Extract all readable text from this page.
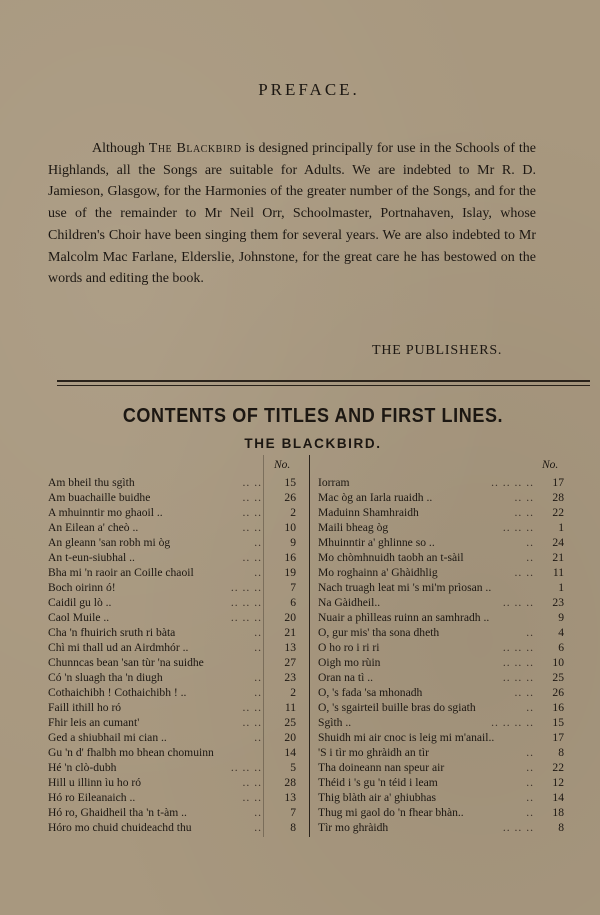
PREFACE.

Although The Blackbird is designed principally for use in the Schools of the Highlands, all the Songs are suitable for Adults. We are indebted to Mr R. D. Jamieson, Glasgow, for the Harmonies of the greater number of the Songs, and for the use of the remainder to Mr Neil Orr, Schoolmaster, Portnahaven, Islay, whose Children's Choir have been singing them for several years. We are also indebted to Mr Malcolm Mac Farlane, Elderslie, Johnstone, for the great care he has bestowed on the words and editing the book.

THE PUBLISHERS.
CONTENTS OF TITLES AND FIRST LINES.
THE BLACKBIRD.
No.
Am bheil thu sgìth	.. ..	15
Am buachaille buidhe	.. ..	26
A mhuinntir mo ghaoil ..	.. ..	2
An Eilean a' cheò ..	.. ..	10
An gleann 'san robh mi òg	..	9
An t-eun-siubhal ..	.. ..	16
Bha mi 'n raoir an Coille chaoil	..	19
Boch oirinn ó!	.. .. ..	7
Caidil gu lò ..	.. .. ..	6
Caol Muile ..	.. .. ..	20
Cha 'n fhuirich sruth ri bàta	..	21
Chì mi thall ud an Airdmhór ..	..	13
Chunncas bean 'san tùr 'na suidhe	27
Có 'n sluagh tha 'n diugh	..	23
Cothaichibh ! Cothaichibh ! ..	..	2
Faill ithill ho ró	.. ..	11
Fhir leis an cumant'	.. ..	25
Ged a shiubhail mi cian ..	..	20
Gu 'n d' fhalbh mo bhean chomuinn	14
Hé 'n clò-dubh	.. .. ..	5
Hill u illinn ìu ho ró	.. ..	28
Hó ro Eileanaich ..	.. ..	13
Hó ro, Ghaidheil tha 'n t-àm ..	..	7
Hóro mo chuid chuideachd thu	..	8
No.
Iorram	.. .. .. ..	17
Mac òg an Iarla ruaidh ..	.. ..	28
Maduinn Shamhraidh	.. ..	22
Maili bheag òg	.. .. ..	1
Mhuinntir a' ghlinne so ..	..	24
Mo chòmhnuidh taobh an t-sàil	..	21
Mo roghainn a' Ghàidhlig	.. ..	11
Nach truagh leat mi 's mi'm prìosan ..	1
Na Gàidheil..	.. .. ..	23
Nuair a phìlleas ruinn an samhradh ..	9
O, gur mis' tha sona dheth	..	4
O ho ro i ri ri	.. .. ..	6
Oigh mo rùin	.. .. ..	10
Oran na tì ..	.. .. ..	25
O, 's fada 'sa mhonadh	.. ..	26
O, 's sgairteil buille bras do sgiath	..	16
Sgìth ..	.. .. .. ..	15
Shuidh mi air cnoc is leig mi m'anail..	17
'S i tìr mo ghràidh an tìr	..	8
Tha doineann nan speur air	..	22
Théid i 's gu 'n téid i leam	..	12
Thig blàth air a' ghiubhas	..	14
Thug mi gaol do 'n fhear bhàn..	..	18
Tìr mo ghràidh	.. .. ..	8
